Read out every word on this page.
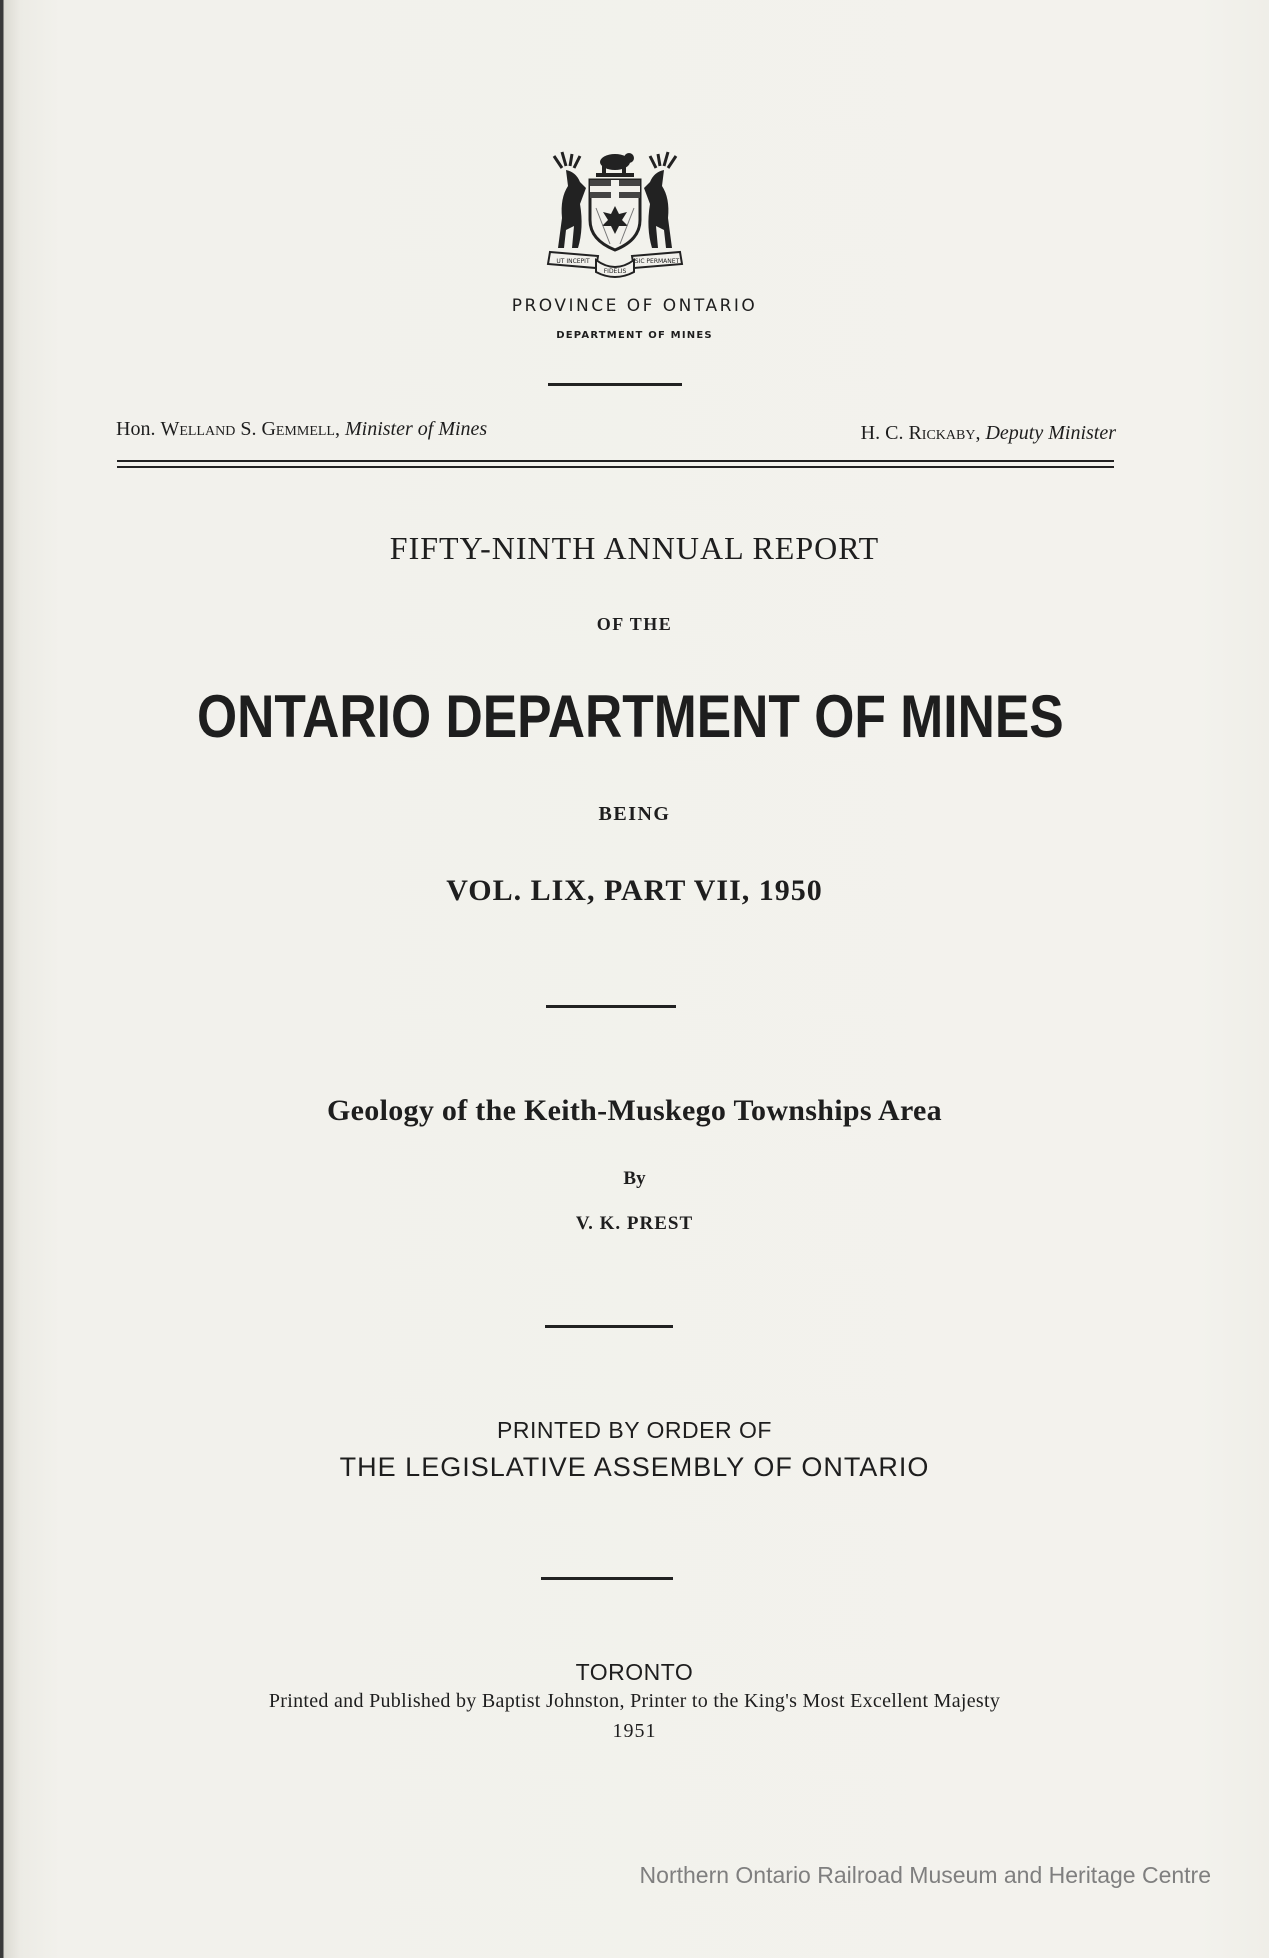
UT INCEPIT
FIDELIS
SIC PERMANET
PROVINCE OF ONTARIO
DEPARTMENT OF MINES
Hon. Welland S. Gemmell, Minister of Mines	H. C. Rickaby, Deputy Minister
FIFTY-NINTH ANNUAL REPORT
OF THE
ONTARIO DEPARTMENT OF MINES
BEING
VOL. LIX, PART VII, 1950
Geology of the Keith-Muskego Townships Area
By
V. K. PREST
PRINTED BY ORDER OF
THE LEGISLATIVE ASSEMBLY OF ONTARIO
TORONTO
Printed and Published by Baptist Johnston, Printer to the King's Most Excellent Majesty
1951
Northern Ontario Railroad Museum and Heritage Centre
